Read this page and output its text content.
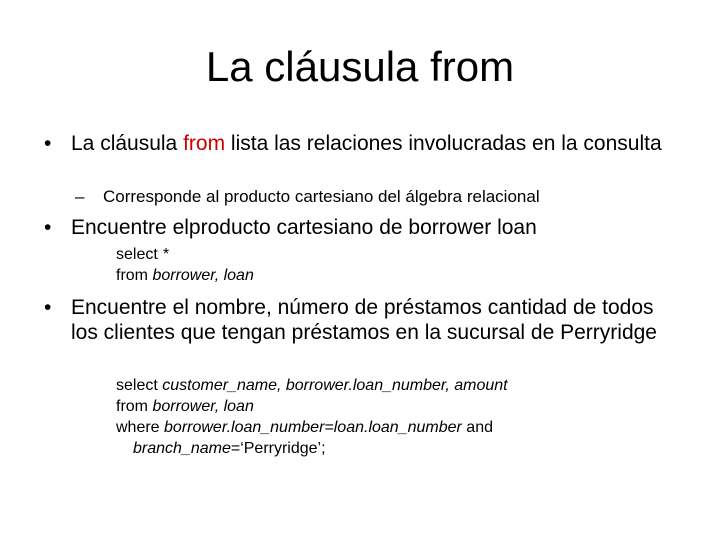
La cláusula from
• La cláusula from lista las relaciones involucradas en la consulta
– Corresponde al producto cartesiano del álgebra relacional
• Encuentre elproducto cartesiano de borrower loan
select *
from borrower, loan
• Encuentre el nombre, número de préstamos cantidad de todos los clientes que tengan préstamos en la sucursal de Perryridge
select customer_name, borrower.loan_number, amount
from borrower, loan
where borrower.loan_number=loan.loan_number and
branch_name=‘Perryridge’;
